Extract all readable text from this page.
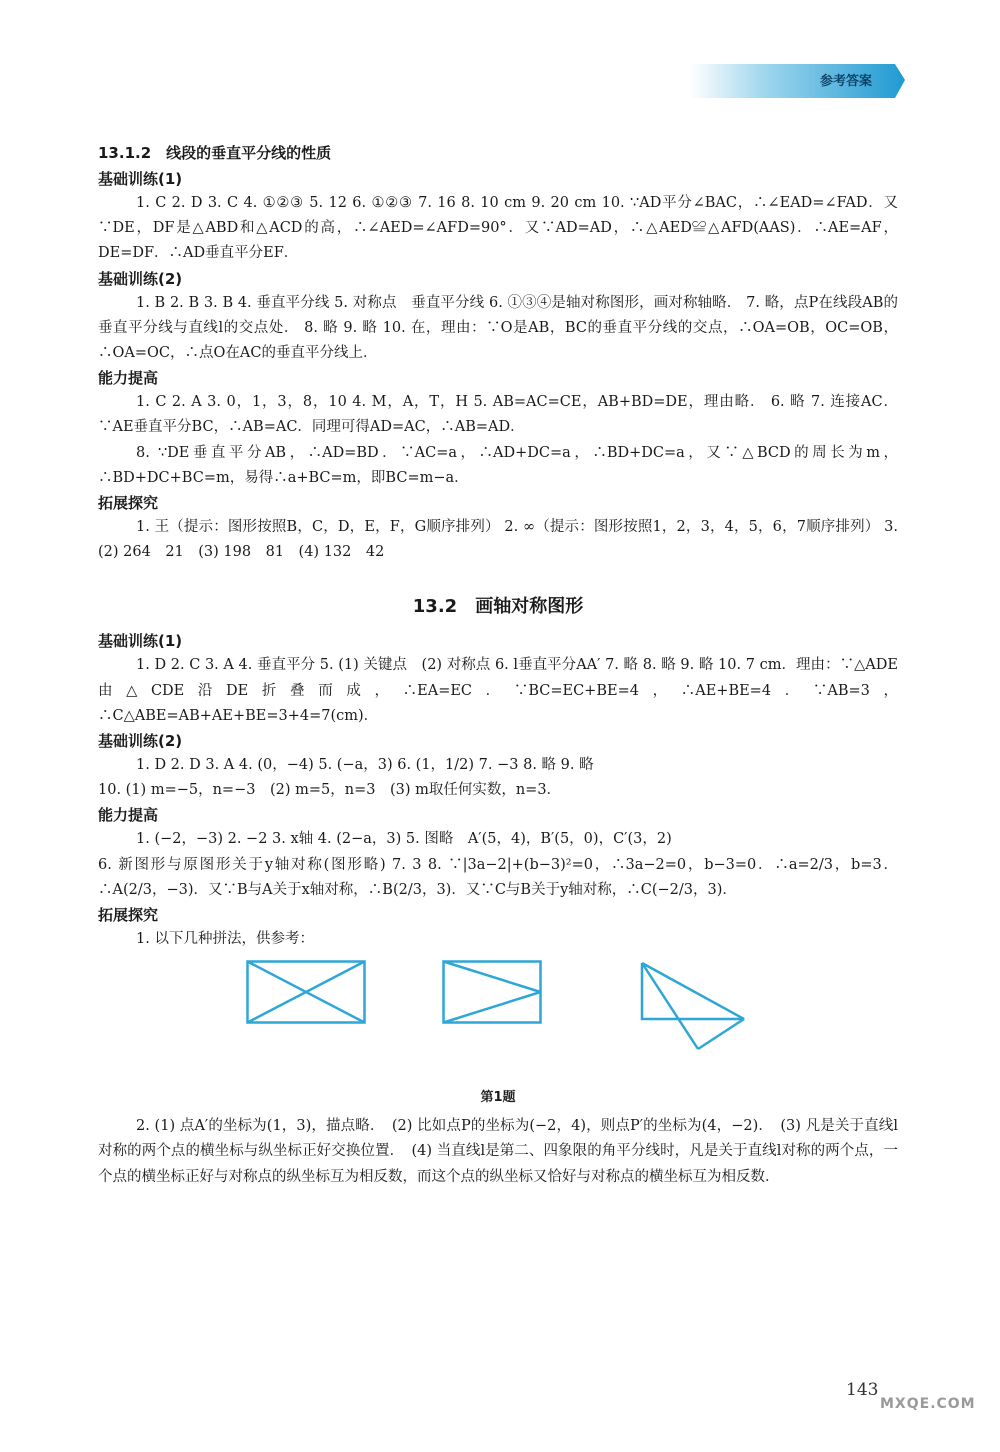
参考答案

13.1.2　线段的垂直平分线的性质

基础训练(1)

1. C 2. D 3. C 4. ①②③ 5. 12 6. ①②③ 7. 16 8. 10 cm 9. 20 cm 10. ∵AD平分∠BAC，∴∠EAD=∠FAD．又∵DE，DF是△ABD和△ACD的高，∴∠AED=∠AFD=90°．又∵AD=AD，∴△AED≌△AFD(AAS)．∴AE=AF，DE=DF．∴AD垂直平分EF．

基础训练(2)

1. B 2. B 3. B 4. 垂直平分线 5. 对称点　垂直平分线 6. ①③④是轴对称图形，画对称轴略． 7. 略，点P在线段AB的垂直平分线与直线l的交点处． 8. 略 9. 略 10. 在，理由：∵O是AB，BC的垂直平分线的交点，∴OA=OB，OC=OB，∴OA=OC，∴点O在AC的垂直平分线上．

能力提高

1. C 2. A 3. 0，1，3，8，10 4. M，A，T，H 5. AB=AC=CE，AB+BD=DE，理由略． 6. 略 7. 连接AC．∵AE垂直平分BC，∴AB=AC．同理可得AD=AC，∴AB=AD．

8. ∵DE垂直平分AB，∴AD=BD．∵AC=a，∴AD+DC=a，∴BD+DC=a，又∵△BCD的周长为m，∴BD+DC+BC=m，易得∴a+BC=m，即BC=m−a．

拓展探究

1. 王（提示：图形按照B，C，D，E，F，G顺序排列） 2. ∞（提示：图形按照1，2，3，4，5，6，7顺序排列） 3. (2) 264　21　(3) 198　81　(4) 132　42

13.2　画轴对称图形

基础训练(1)

1. D 2. C 3. A 4. 垂直平分 5. (1) 关键点　(2) 对称点 6. l垂直平分AA′ 7. 略 8. 略 9. 略 10. 7 cm．理由：∵△ADE由△CDE沿DE折叠而成，∴EA=EC．∵BC=EC+BE=4，∴AE+BE=4．∵AB=3，∴C△ABE=AB+AE+BE=3+4=7(cm)．

基础训练(2)

1. D 2. D 3. A 4. (0，−4) 5. (−a，3) 6. (1，1/2) 7. −3 8. 略 9. 略

10. (1) m=−5，n=−3　(2) m=5，n=3　(3) m取任何实数，n=3．

能力提高

1. (−2，−3) 2. −2 3. x轴 4. (2−a，3) 5. 图略　A′(5，4)，B′(5，0)，C′(3，2)

6. 新图形与原图形关于y轴对称(图形略) 7. 3 8. ∵|3a−2|+(b−3)²=0，∴3a−2=0，b−3=0．∴a=2/3，b=3．∴A(2/3，−3)．又∵B与A关于x轴对称，∴B(2/3，3)．又∵C与B关于y轴对称，∴C(−2/3，3)．

拓展探究

1. 以下几种拼法，供参考：

第1题

2. (1) 点A′的坐标为(1，3)，描点略．　(2) 比如点P的坐标为(−2，4)，则点P′的坐标为(4，−2)．　(3) 凡是关于直线l对称的两个点的横坐标与纵坐标正好交换位置．　(4) 当直线l是第二、四象限的角平分线时，凡是关于直线l对称的两个点，一个点的横坐标正好与对称点的纵坐标互为相反数，而这个点的纵坐标又恰好与对称点的横坐标互为相反数．

143
MXQE.COM
